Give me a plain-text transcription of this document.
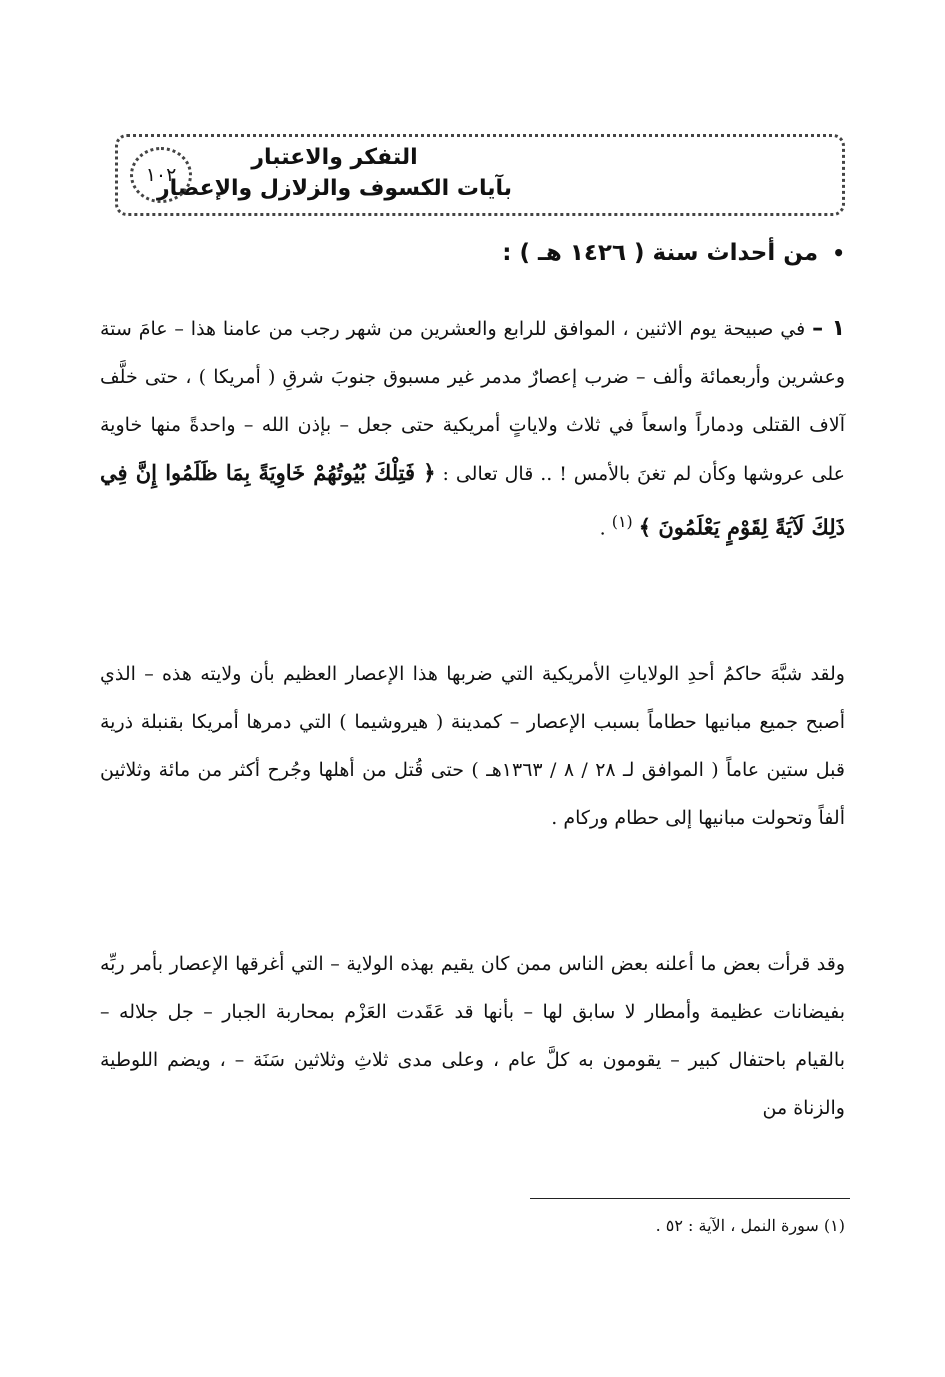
التفكر والاعتبار
بآيات الكسوف والزلازل والإعصار
١٠٢
• من أحداث سنة ( ١٤٢٦ هـ ) :
١ – في صبيحة يوم الاثنين ، الموافق للرابع والعشرين من شهر رجب من عامنا هذا – عامَ ستة وعشرين وأربعمائة وألف – ضرب إعصارٌ مدمر غير مسبوق جنوبَ شرقِ ( أمريكا ) ، حتى خلَّف آلاف القتلى ودماراً واسعاً في ثلاث ولاياتٍ أمريكية حتى جعل – بإذن الله – واحدةً منها خاوية على عروشها وكأن لم تغنَ بالأمس ! .. قال تعالى : ﴿ فَتِلْكَ بُيُوتُهُمْ خَاوِيَةً بِمَا ظَلَمُوا إِنَّ فِي ذَلِكَ لَآيَةً لِقَوْمٍ يَعْلَمُونَ ﴾ $^{(١)}$ .
ولقد شبَّهَ حاكمُ أحدِ الولاياتِ الأمريكية التي ضربها هذا الإعصار العظيم بأن ولايته هذه – الذي أصبح جميع مبانيها حطاماً بسبب الإعصار – كمدينة ( هيروشيما ) التي دمرها أمريكا بقنبلة ذرية قبل ستين عاماً ( الموافق لـ ٢٨ / ٨ / ١٣٦٣هـ ) حتى قُتل من أهلها وجُرح أكثر من مائة وثلاثين ألفاً وتحولت مبانيها إلى حطام وركام .
وقد قرأت بعض ما أعلنه بعض الناس ممن كان يقيم بهذه الولاية – التي أغرقها الإعصار بأمر ربِّه بفيضانات عظيمة وأمطار لا سابق لها – بأنها قد عَقَدت العَزْم بمحاربة الجبار – جل جلاله – بالقيام باحتفال كبير – يقومون به كلَّ عام ، وعلى مدى ثلاثِ وثلاثين سَنَة – ، ويضم اللوطية والزناة من
(١) سورة النمل ، الآية : ٥٢ .
